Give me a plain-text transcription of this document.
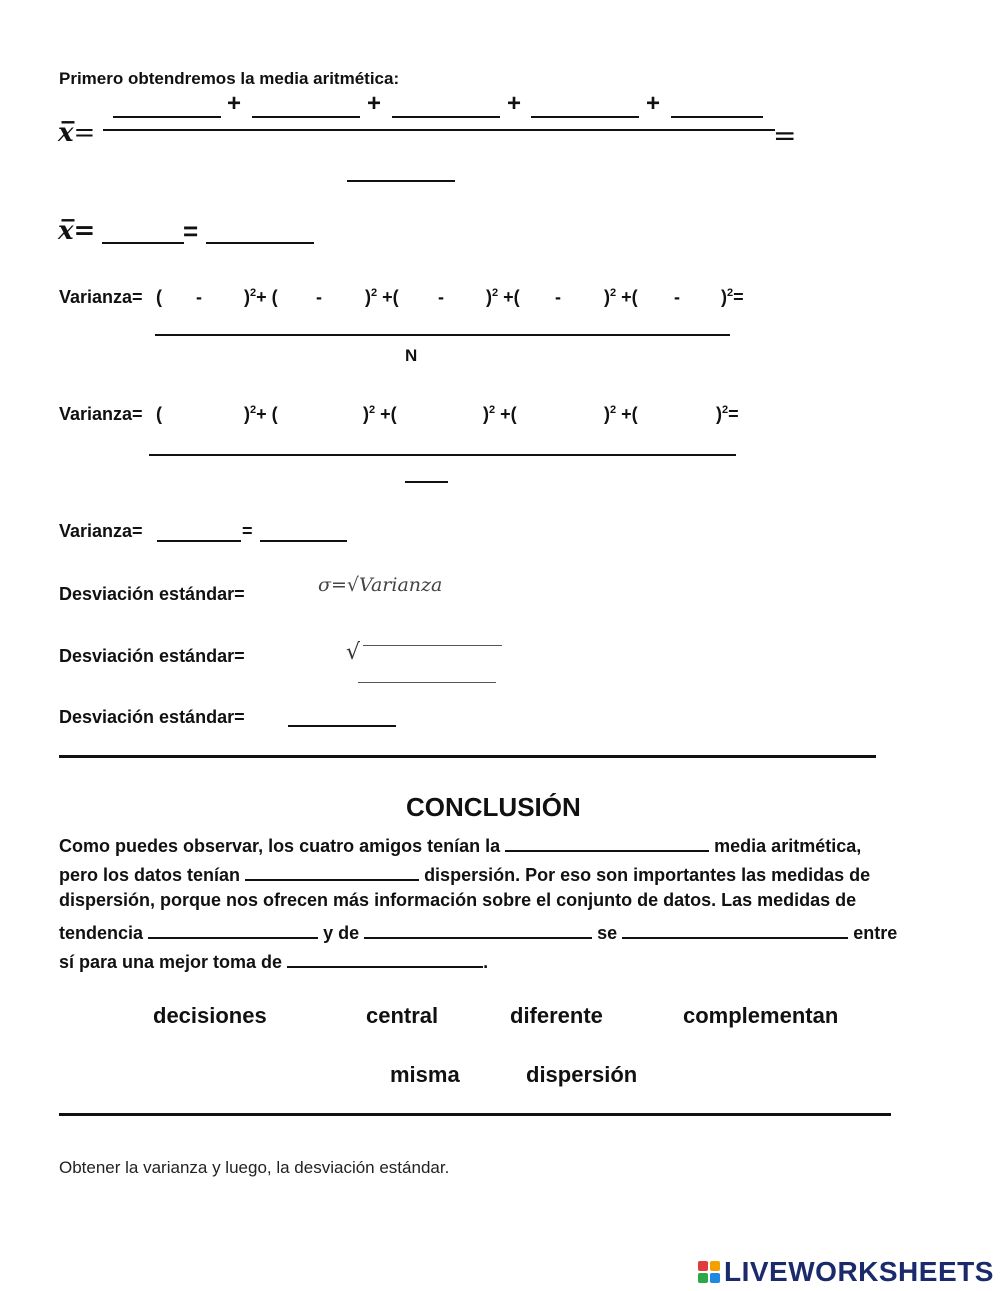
Primero obtendremos la media aritmética:
x̅=
+	+	+	+
=
x̅=	=
Varianza= ( - )$^2$+ ( - )$^2$ +( - )$^2$ +( - )$^2$ +( - )$^2$=
N
Varianza= (	)$^2$+ (	)$^2$ +(	)$^2$ +(	)$^2$ +(	)$^2$=
Varianza=	=
Desviación estándar=	σ=√Varianza
Desviación estándar=	√
Desviación estándar=
CONCLUSIÓN
Como puedes observar, los cuatro amigos tenían la	media aritmética,
pero los datos tenían	dispersión. Por eso son importantes las medidas de
dispersión, porque nos ofrecen más información sobre el conjunto de datos. Las medidas de
tendencia	y de	se	entre
sí para una mejor toma de	.
decisiones	central	diferente	complementan
misma	dispersión
Obtener la varianza y luego, la desviación estándar.
LIVEWORKSHEETS
